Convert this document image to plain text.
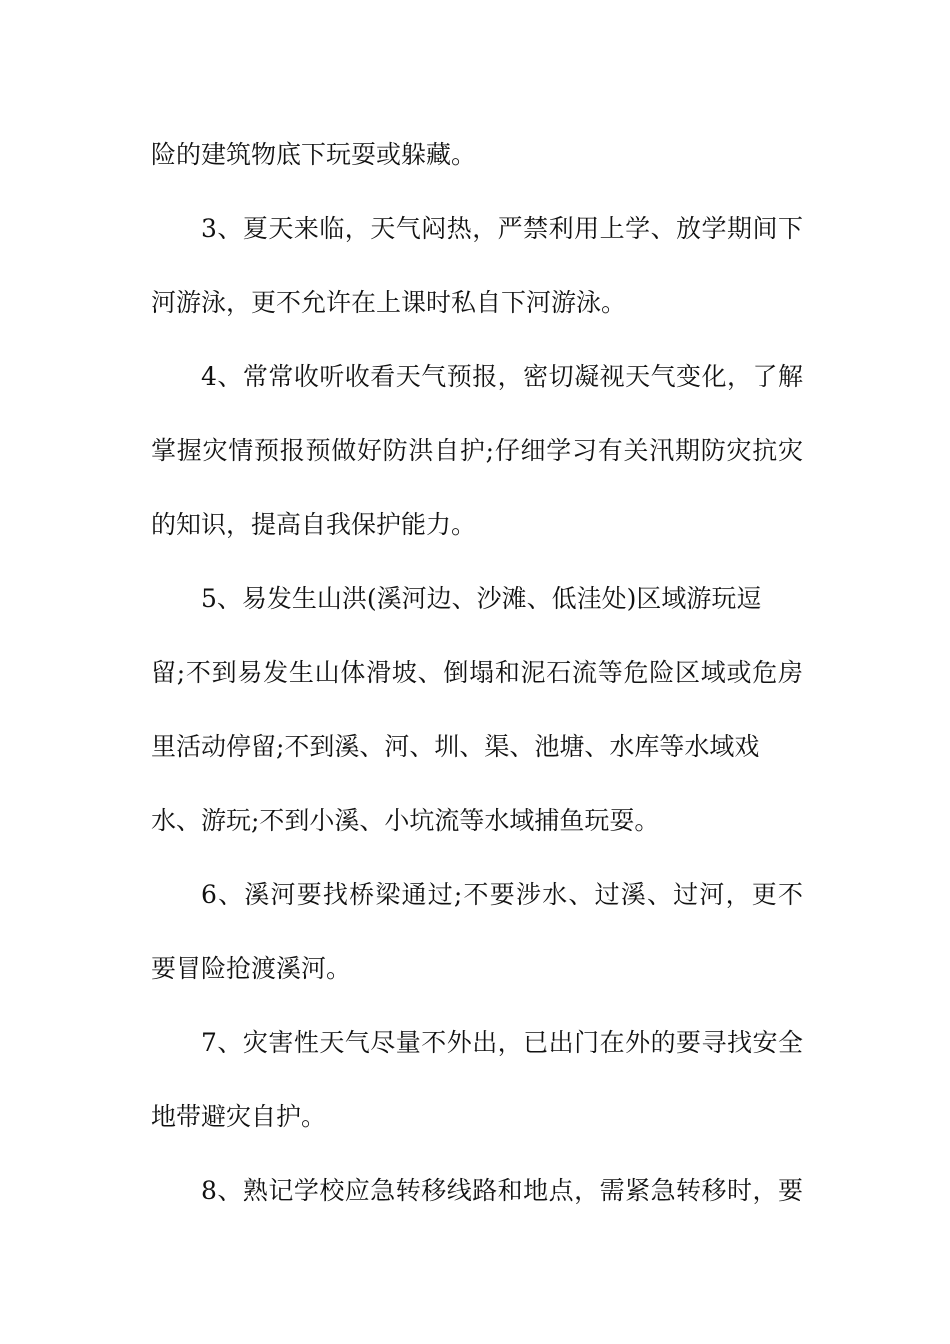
险的建筑物底下玩耍或躲藏。
3、夏天来临，天气闷热，严禁利用上学、放学期间下
河游泳，更不允许在上课时私自下河游泳。
4、常常收听收看天气预报，密切凝视天气变化，了解
掌握灾情预报预做好防洪自护;仔细学习有关汛期防灾抗灾
的知识，提高自我保护能力。
5、易发生山洪(溪河边、沙滩、低洼处)区域游玩逗
留;不到易发生山体滑坡、倒塌和泥石流等危险区域或危房
里活动停留;不到溪、河、圳、渠、池塘、水库等水域戏
水、游玩;不到小溪、小坑流等水域捕鱼玩耍。
6、溪河要找桥梁通过;不要涉水、过溪、过河，更不
要冒险抢渡溪河。
7、灾害性天气尽量不外出，已出门在外的要寻找安全
地带避灾自护。
8、熟记学校应急转移线路和地点，需紧急转移时，要
